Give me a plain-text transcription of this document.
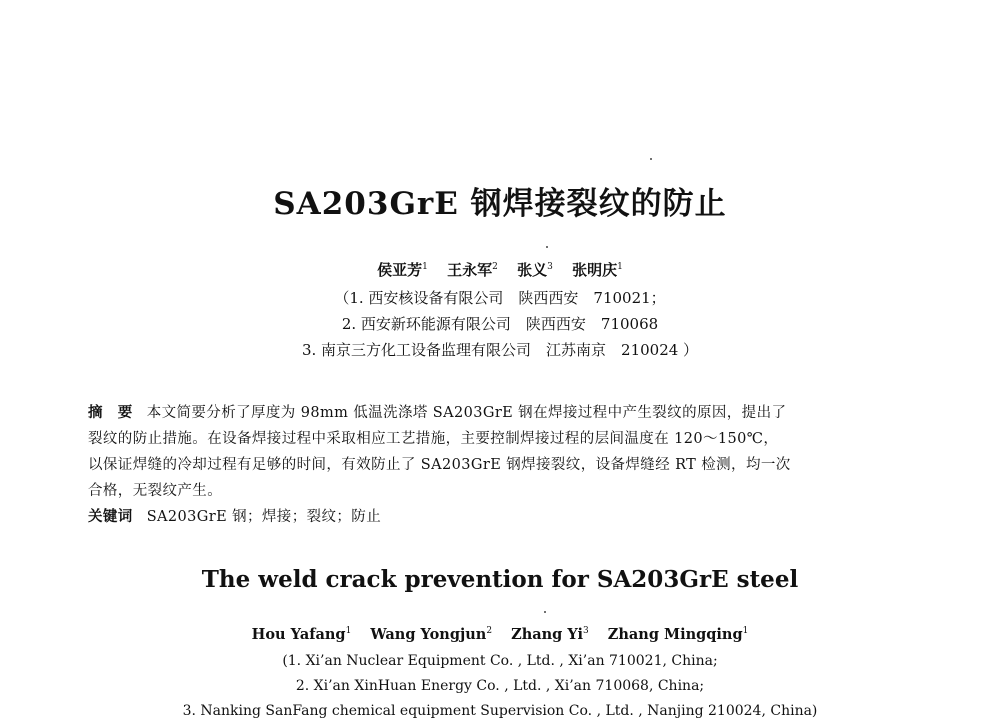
SA203GrE 钢焊接裂纹的防止
侯亚芳$^1$ 王永军$^2$ 张义$^3$ 张明庆$^1$
（1. 西安核设备有限公司　陕西西安　710021；
2. 西安新环能源有限公司　陕西西安　710068
3. 南京三方化工设备监理有限公司　江苏南京　210024 ）
摘　要 本文简要分析了厚度为 98mm 低温洗涤塔 SA203GrE 钢在焊接过程中产生裂纹的原因，提出了
裂纹的防止措施。在设备焊接过程中采取相应工艺措施，主要控制焊接过程的层间温度在 120～150℃，
以保证焊缝的冷却过程有足够的时间，有效防止了 SA203GrE 钢焊接裂纹，设备焊缝经 RT 检测，均一次
合格，无裂纹产生。
关键词 SA203GrE 钢；焊接；裂纹；防止
The weld crack prevention for SA203GrE steel
Hou Yafang$^1$ Wang Yongjun$^2$ Zhang Yi$^3$ Zhang Mingqing$^1$
(1. Xi’an Nuclear Equipment Co. , Ltd. , Xi’an 710021, China;
2. Xi’an XinHuan Energy Co. , Ltd. , Xi’an 710068, China;
3. Nanking SanFang chemical equipment Supervision Co. , Ltd. , Nanjing 210024, China)
